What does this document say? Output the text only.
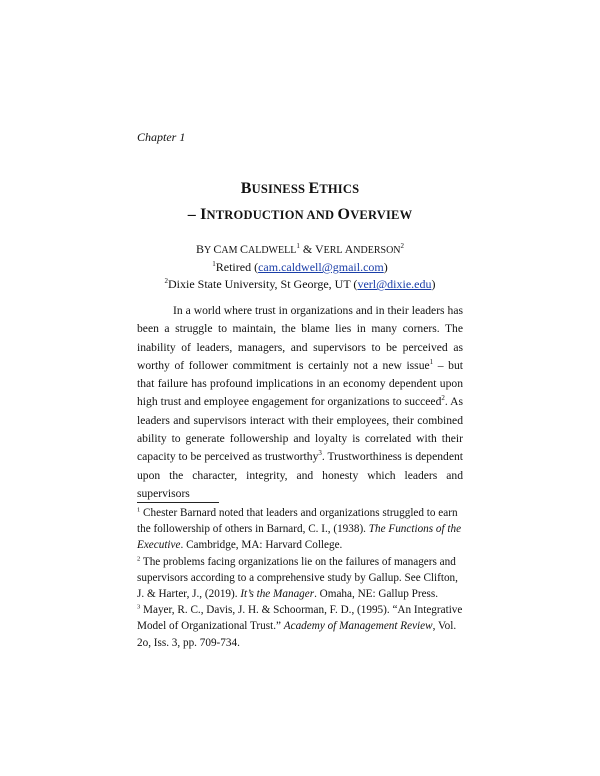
Chapter 1
BUSINESS ETHICS
– INTRODUCTION AND OVERVIEW
BY CAM CALDWELL$^1$ & VERL ANDERSON$^2$
$^1$Retired (cam.caldwell@gmail.com)
$^2$Dixie State University, St George, UT (verl@dixie.edu)

In a world where trust in organizations and in their leaders has been a struggle to maintain, the blame lies in many corners. The inability of leaders, managers, and supervisors to be perceived as worthy of follower commitment is certainly not a new issue$^1$ – but that failure has profound implications in an economy dependent upon high trust and employee engagement for organizations to succeed$^2$. As leaders and supervisors interact with their employees, their combined ability to generate followership and loyalty is correlated with their capacity to be perceived as trustworthy$^3$. Trustworthiness is dependent upon the character, integrity, and honesty which leaders and supervisors

$^1$ Chester Barnard noted that leaders and organizations struggled to earn the followership of others in Barnard, C. I., (1938). The Functions of the Executive. Cambridge, MA: Harvard College.

$^2$ The problems facing organizations lie on the failures of managers and supervisors according to a comprehensive study by Gallup. See Clifton, J. & Harter, J., (2019). It’s the Manager. Omaha, NE: Gallup Press.

$^3$ Mayer, R. C., Davis, J. H. & Schoorman, F. D., (1995). “An Integrative Model of Organizational Trust.” Academy of Management Review, Vol. 2o, Iss. 3, pp. 709-734.
